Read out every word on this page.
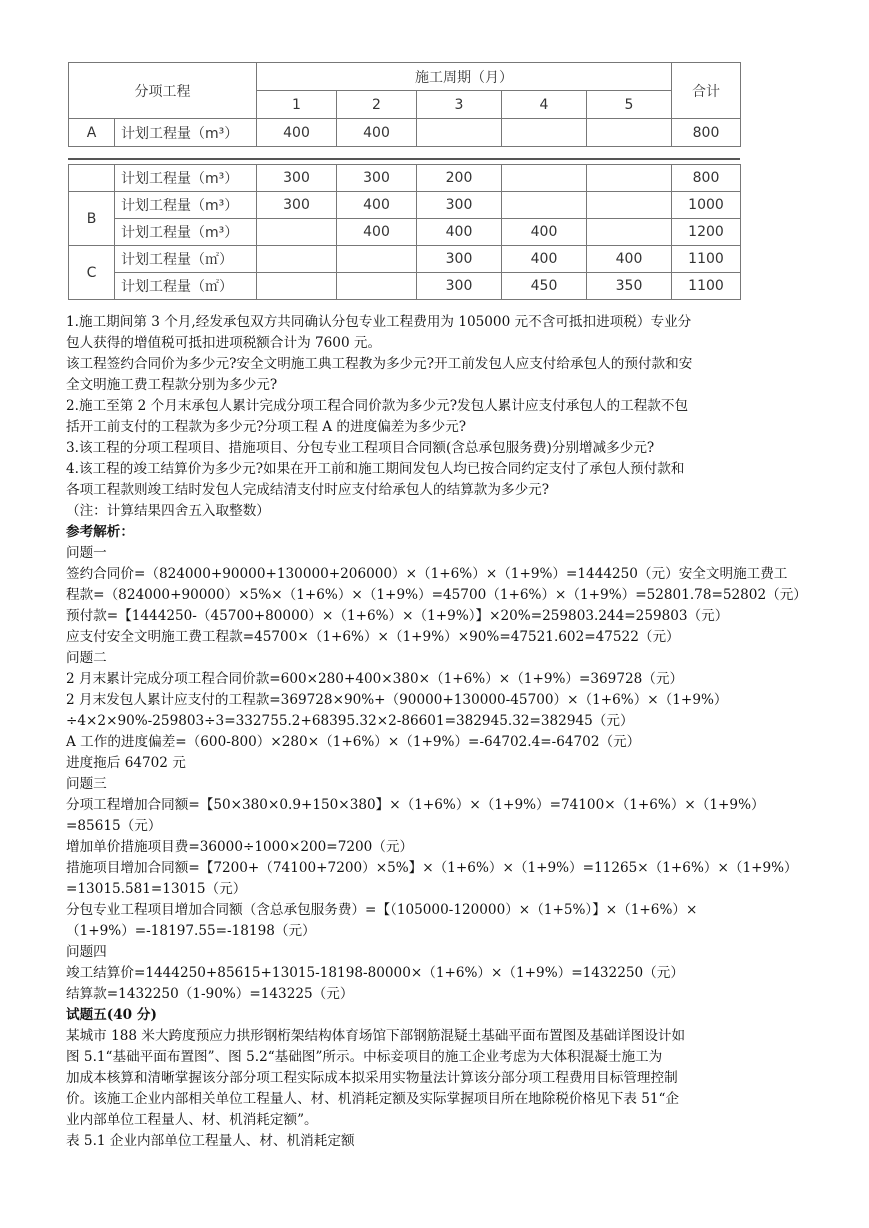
分项工程		施工周期（月）					合计
		1	2	3	4	5	
A	计划工程量（m³）	400	400				800
	计划工程量（m³）	300	300	200			800
B	计划工程量（m³）	300	400	300			1000
	计划工程量（m³）		400	400	400		1200
C	计划工程量（㎡）			300	400	400	1100
	计划工程量（㎡）			300	450	350	1100

1.施工期间第 3 个月,经发承包双方共同确认分包专业工程费用为 105000 元不含可抵扣进项税）专业分

包人获得的增值税可抵扣进项税额合计为 7600 元。

该工程签约合同价为多少元?安全文明施工典工程教为多少元?开工前发包人应支付给承包人的预付款和安

全文明施工费工程款分别为多少元?

2.施工至第 2 个月末承包人累计完成分项工程合同价款为多少元?发包人累计应支付承包人的工程款不包

括开工前支付的工程款为多少元?分项工程 A 的进度偏差为多少元?

3.该工程的分项工程项目、措施项目、分包专业工程项目合同额(含总承包服务费)分别增减多少元?

4.该工程的竣工结算价为多少元?如果在开工前和施工期间发包人均已按合同约定支付了承包人预付款和

各项工程款则竣工结时发包人完成结清支付时应支付给承包人的结算款为多少元?

（注：计算结果四舍五入取整数）

参考解析：

问题一

签约合同价=（824000+90000+130000+206000）×（1+6%）×（1+9%）=1444250（元）安全文明施工费工

程款=（824000+90000）×5%×（1+6%）×（1+9%）=45700（1+6%）×（1+9%）=52801.78=52802（元）

预付款=【1444250-（45700+80000）×（1+6%）×（1+9%）】×20%=259803.244=259803（元）

应支付安全文明施工费工程款=45700×（1+6%）×（1+9%）×90%=47521.602=47522（元）

问题二

2 月末累计完成分项工程合同价款=600×280+400×380×（1+6%）×（1+9%）=369728（元）

2 月末发包人累计应支付的工程款=369728×90%+（90000+130000-45700）×（1+6%）×（1+9%）

÷4×2×90%-259803÷3=332755.2+68395.32×2-86601=382945.32=382945（元）

A 工作的进度偏差=（600-800）×280×（1+6%）×（1+9%）=-64702.4=-64702（元）

进度拖后 64702 元

问题三

分项工程增加合同额=【50×380×0.9+150×380】×（1+6%）×（1+9%）=74100×（1+6%）×（1+9%）

=85615（元）

增加单价措施项目费=36000÷1000×200=7200（元）

措施项目增加合同额=【7200+（74100+7200）×5%】×（1+6%）×（1+9%）=11265×（1+6%）×（1+9%）

=13015.581=13015（元）

分包专业工程项目增加合同额（含总承包服务费）=【（105000-120000）×（1+5%）】×（1+6%）×

（1+9%）=-18197.55=-18198（元）

问题四

竣工结算价=1444250+85615+13015-18198-80000×（1+6%）×（1+9%）=1432250（元）

结算款=1432250（1-90%）=143225（元）

试题五(40 分)

某城市 188 米大跨度预应力拱形钢桁架结构体育场馆下部钢筋混疑土基础平面布置图及基础详图设计如

图 5.1“基础平面布置图”、图 5.2“基础图”所示。中标妾项目的施工企业考虑为大体积混凝士施工为

加成本核算和清晰掌握该分部分项工程实际成本拟采用实物量法计算该分部分项工程费用目标管理控制

价。该施工企业内部相关单位工程量人、材、机消耗定额及实际掌握项目所在地除税价格见下表 51“企

业内部单位工程量人、材、机消耗定额”。

表 5.1 企业内部单位工程量人、材、机消耗定额
